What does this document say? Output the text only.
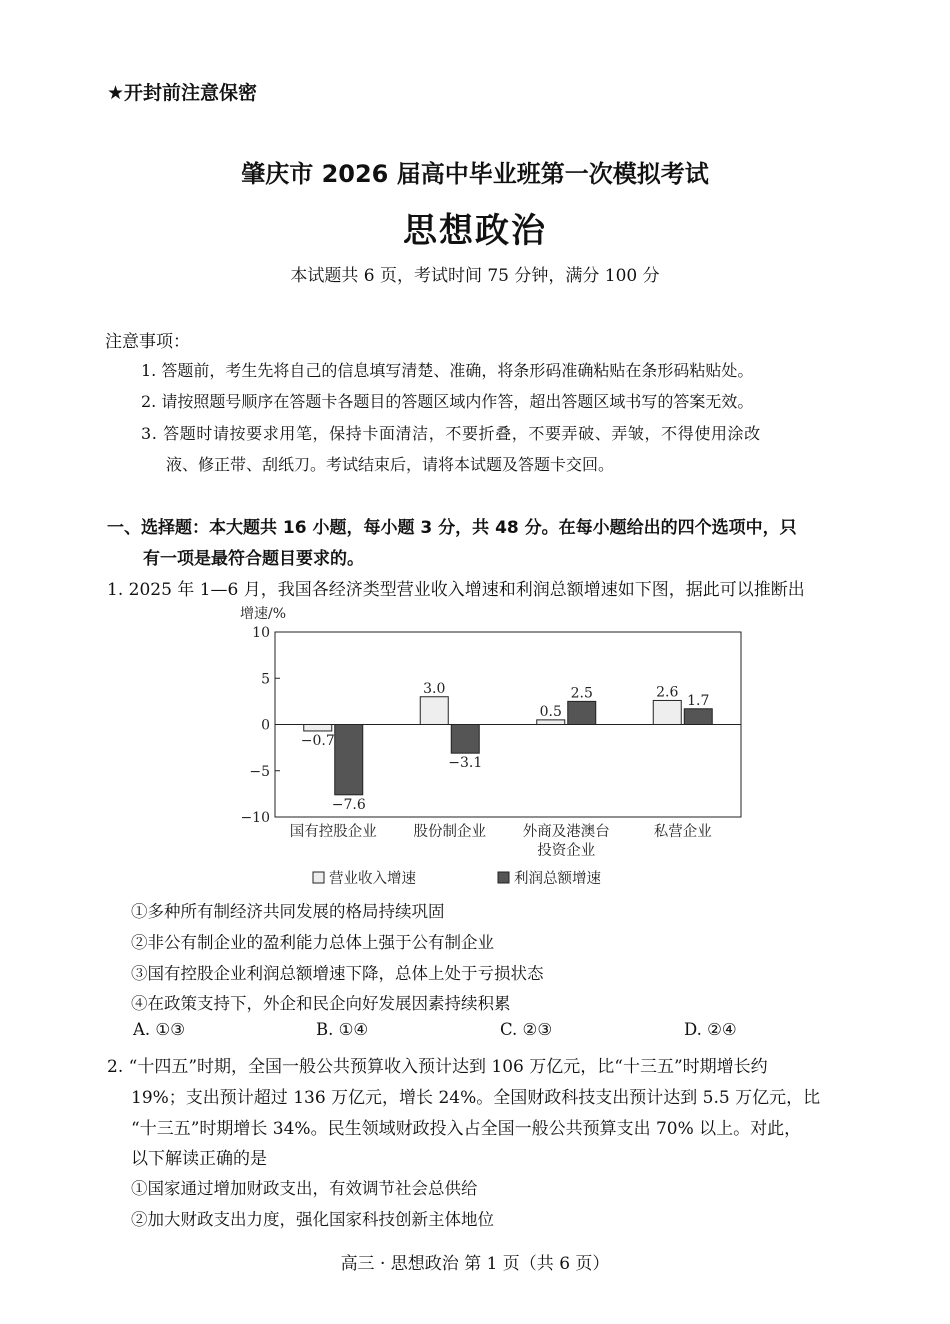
★开封前注意保密
肇庆市 2026 届高中毕业班第一次模拟考试
思想政治
本试题共 6 页，考试时间 75 分钟，满分 100 分
注意事项：
1. 答题前，考生先将自己的信息填写清楚、准确，将条形码准确粘贴在条形码粘贴处。
2. 请按照题号顺序在答题卡各题目的答题区域内作答，超出答题区域书写的答案无效。
3. 答题时请按要求用笔，保持卡面清洁，不要折叠，不要弄破、弄皱，不得使用涂改
液、修正带、刮纸刀。考试结束后，请将本试题及答题卡交回。
一、选择题：本大题共 16 小题，每小题 3 分，共 48 分。在每小题给出的四个选项中，只
有一项是最符合题目要求的。
1. 2025 年 1—6 月，我国各经济类型营业收入增速和利润总额增速如下图，据此可以推断出
增速/%
10
5
0
−5
−10
−0.7
−7.6
3.0
−3.1
0.5
2.5	2.6
1.7
国有控股企业	股份制企业	外商及港澳台
投资企业
私营企业
营业收入增速	利润总额增速
①多种所有制经济共同发展的格局持续巩固
②非公有制企业的盈利能力总体上强于公有制企业
③国有控股企业利润总额增速下降，总体上处于亏损状态
④在政策支持下，外企和民企向好发展因素持续积累
A. ①③	B. ①④	C. ②③	D. ②④
2. “十四五”时期，全国一般公共预算收入预计达到 106 万亿元，比“十三五”时期增长约
19%；支出预计超过 136 万亿元，增长 24%。全国财政科技支出预计达到 5.5 万亿元，比
“十三五”时期增长 34%。民生领域财政投入占全国一般公共预算支出 70% 以上。对此，
以下解读正确的是
①国家通过增加财政支出，有效调节社会总供给
②加大财政支出力度，强化国家科技创新主体地位
高三 · 思想政治 第 1 页（共 6 页）
